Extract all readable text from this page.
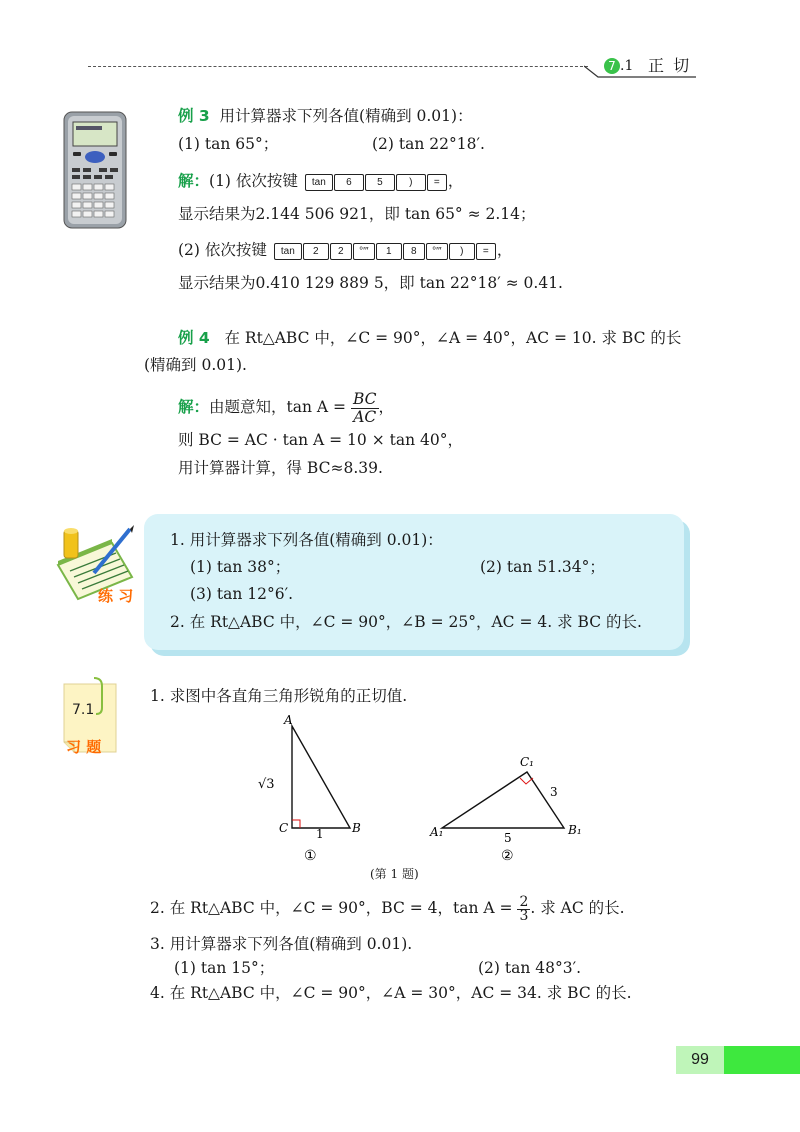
7 .1 正 切
例 3 用计算器求下列各值(精确到 0.01)：
(1) tan 65°；	(2) tan 22°18′.
解：(1) 依次按键 tan 6	5	) = ，
显示结果为2.144 506 921，即 tan 65° ≈ 2.14；
(2) 依次按键 tan 2 2 °′″ 1 8 °′″ ) = ，
显示结果为0.410 129 889 5，即 tan 22°18′ ≈ 0.41.
例 4 在 Rt△ABC 中，∠C = 90°，∠A = 40°，AC = 10. 求 BC 的长
(精确到 0.01).
解：由题意知，$\tan A = \frac{BC}{AC}$ ，
则 BC = AC · tan A = 10 × tan 40°，
用计算器计算，得 BC≈8.39.
练 习
1. 用计算器求下列各值(精确到 0.01)：
(1) tan 38°；	(2) tan 51.34°；
(3) tan 12°6′.
2. 在 Rt△ABC 中，∠C = 90°，∠B = 25°，AC = 4. 求 BC 的长.
7.1
习 题
1. 求图中各直角三角形锐角的正切值.
A
C	B
√3
1
①
A₁	B₁
C₁
3
5
②
(第 1 题)
2. 在 Rt△ABC 中，∠C = 90°，BC = 4，$\tan A = \frac{2}{3}$ . 求 AC 的长.
3. 用计算器求下列各值(精确到 0.01).
(1) tan 15°；	(2) tan 48°3′.
4. 在 Rt△ABC 中，∠C = 90°，∠A = 30°，AC = 34. 求 BC 的长.
99
